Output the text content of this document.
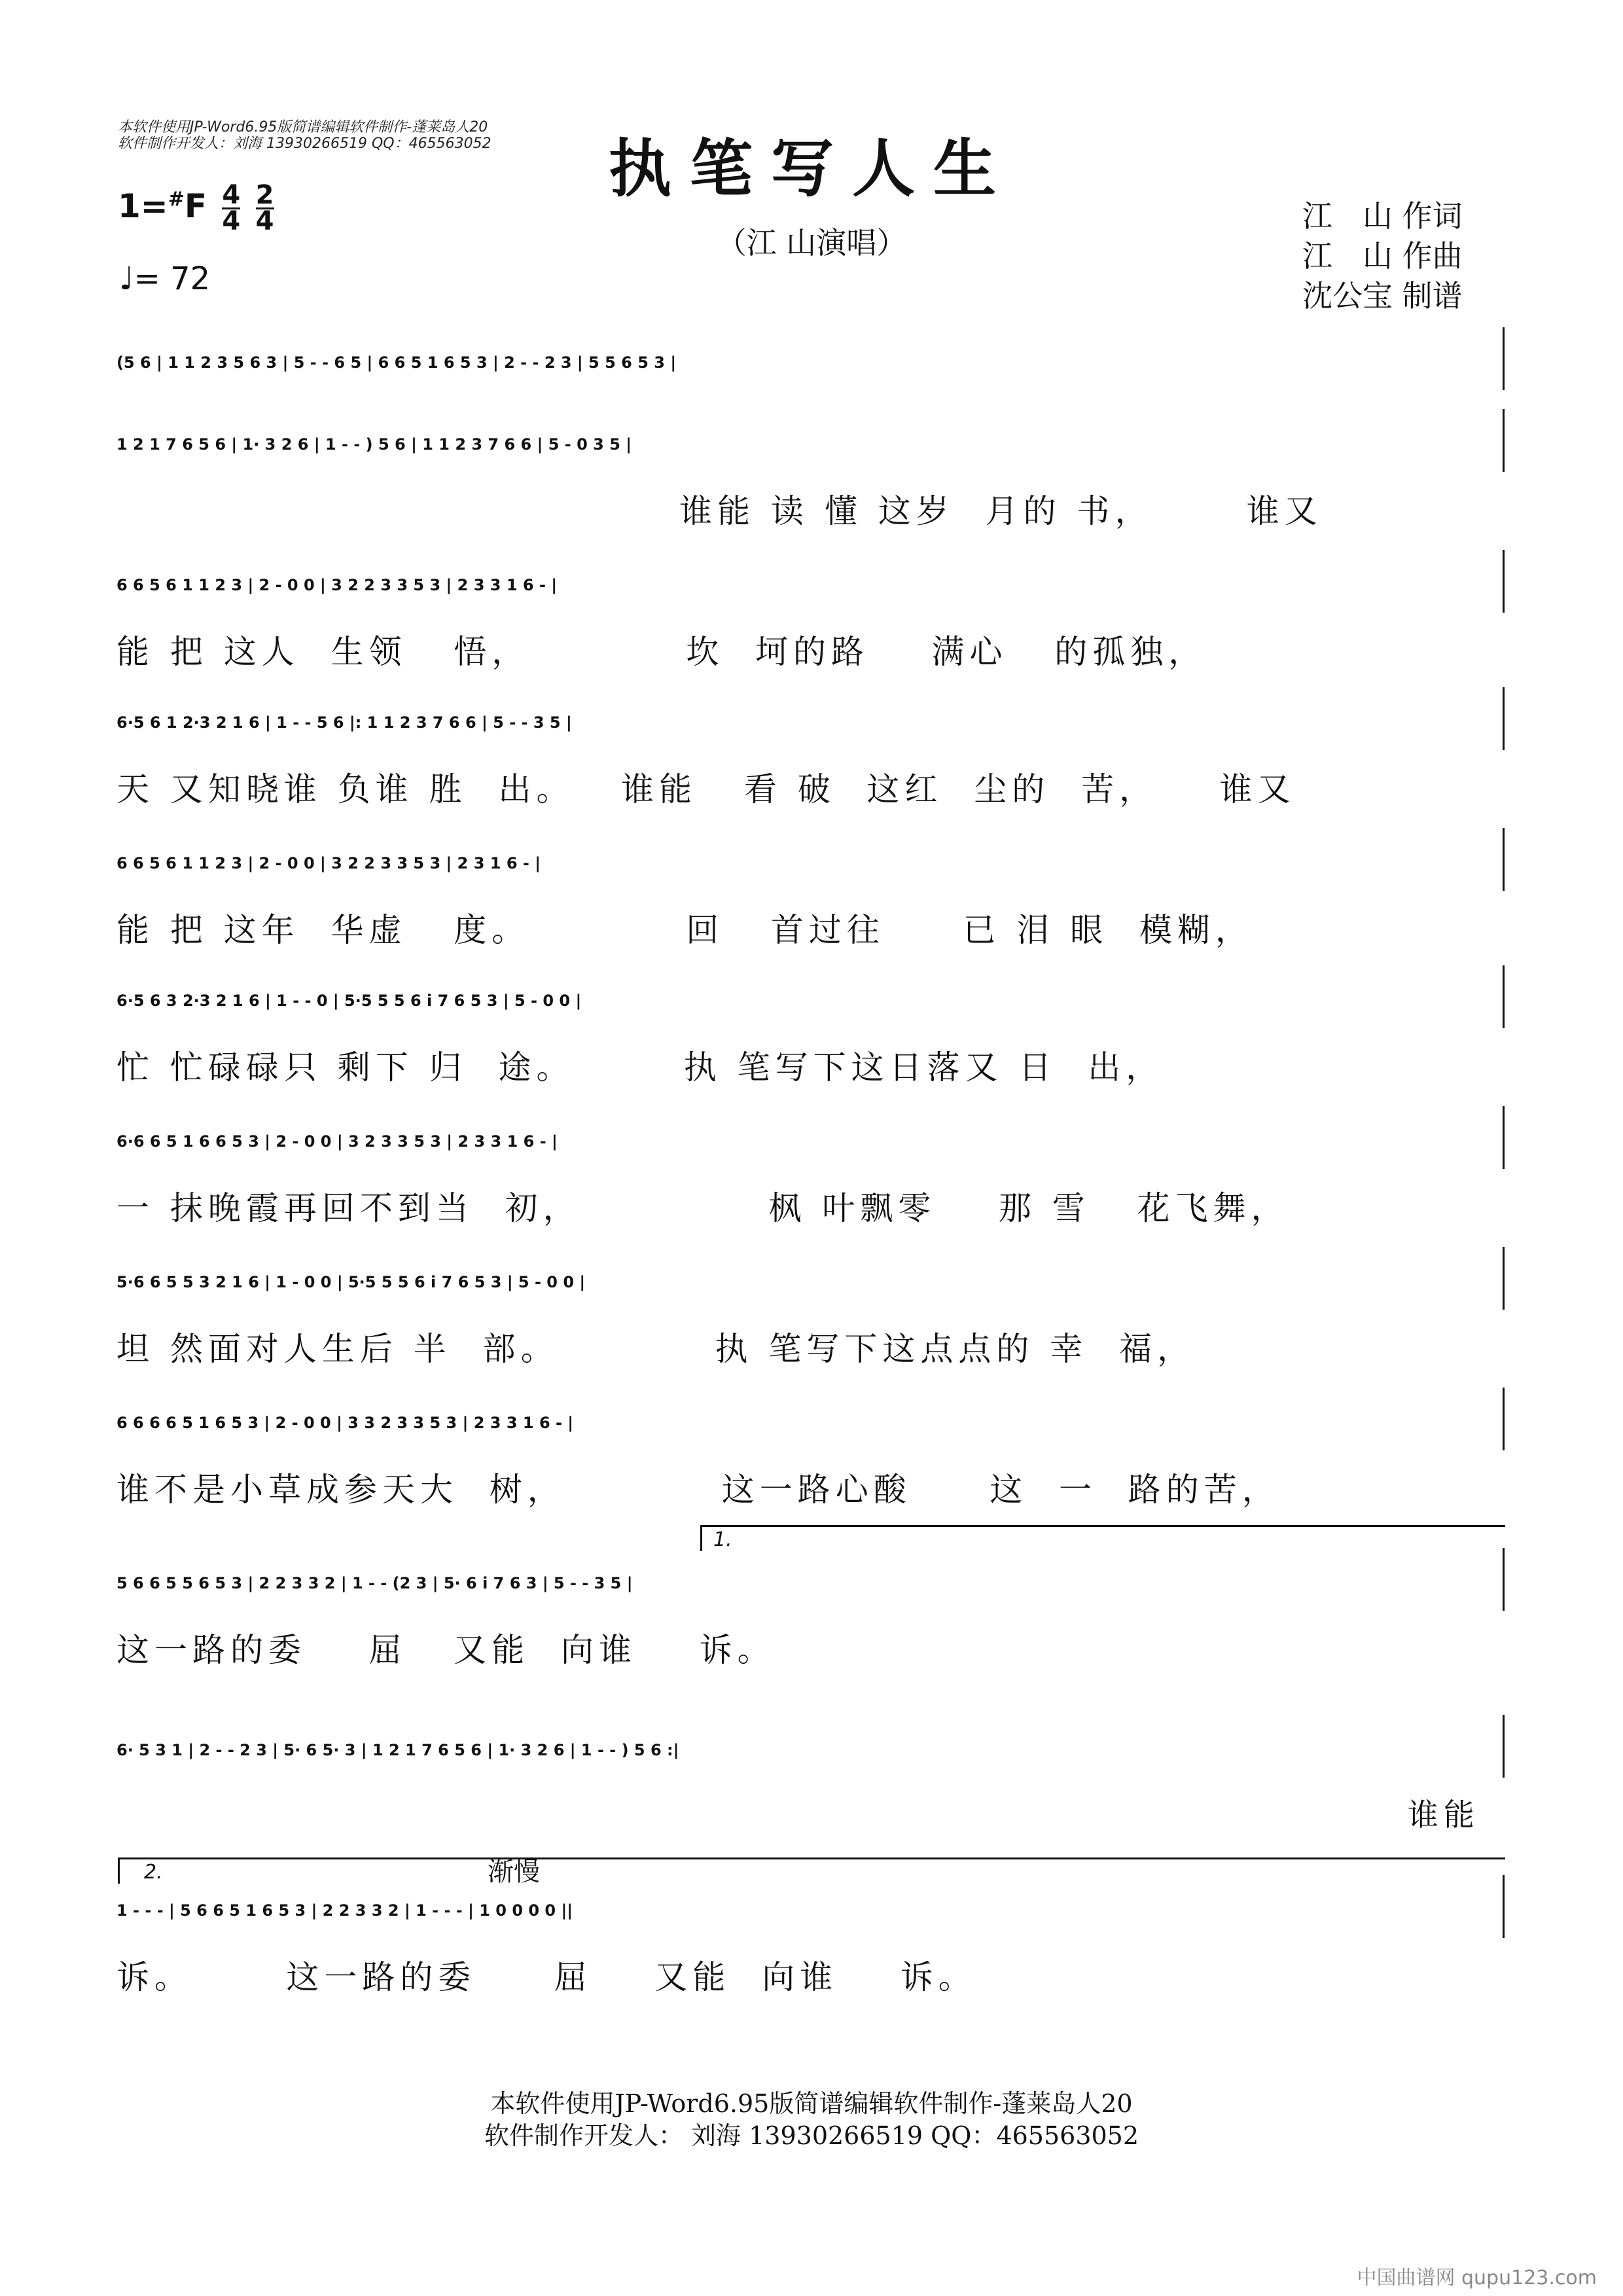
本软件使用JP-Word6.95版简谱编辑软件制作-蓬莱岛人20
软件制作开发人：刘海 13930266519 QQ：465563052	执笔写人生
（江 山演唱）
$1=^{\#}F \frac{4}{4}$
$\frac{2}{4}$
♩= 72
江　山 作词
江　山 作曲
沈公宝 制谱
(5 6 | 1 1 2 3 5 6 3 | 5 - - 6 5 | 6 6 5 1 6 5 3 | 2 - - 2 3 | 5 5 6 5 3 |
1 2 1 7 6 5 6 | 1· 3 2 6 | 1 - - ) 5 6 | 1 1 2 3 7 6 6 | 5 - 0 3 5 |
谁能 读 懂 这岁  月的 书，      谁又
6 6 5 6 1 1 2 3 | 2 - 0 0 | 3 2 2 3 3 5 3 | 2 3 3 1 6 - |
能 把 这人  生领   悟，          坎  坷的路    满心   的孤独，
6·5 6 1 2·3 2 1 6 | 1 - - 5 6 |: 1 1 2 3 7 6 6 | 5 - - 3 5 |
天 又知晓谁 负谁 胜  出。   谁能   看 破  这红  尘的  苦，    谁又
6 6 5 6 1 1 2 3 | 2 - 0 0 | 3 2 2 3 3 5 3 | 2 3 1 6 - |
能 把 这年  华虚   度。          回   首过往     已 泪 眼  模糊，
6·5 6 3 2·3 2 1 6 | 1 - - 0 | 5·5 5 5 6 i 7 6 5 3 | 5 - 0 0 |
忙 忙碌碌只 剩下 归  途。       执 笔写下这日落又 日  出，
6·6 6 5 1 6 6 5 3 | 2 - 0 0 | 3 2 3 3 5 3 | 2 3 3 1 6 - |
一 抹晚霞再回不到当  初，            枫 叶飘零    那 雪   花飞舞，
5·6 6 5 5 3 2 1 6 | 1 - 0 0 | 5·5 5 5 6 i 7 6 5 3 | 5 - 0 0 |
坦 然面对人生后 半  部。          执 笔写下这点点的 幸  福，
6 6 6 6 5 1 6 5 3 | 2 - 0 0 | 3 3 2 3 3 5 3 | 2 3 3 1 6 - |
谁不是小草成参天大  树，          这一路心酸     这  一  路的苦，
5 6 6 5 5 6 5 3 | 2 2 3 3 2 | 1 - - (2 3 | 5· 6 i 7 6 3 | 5 - - 3 5 |
这一路的委    屈   又能  向谁    诉。
6· 5 3 1 | 2 - - 2 3 | 5· 6 5· 3 | 1 2 1 7 6 5 6 | 1· 3 2 6 | 1 - - ) 5 6 :|
谁能
1 - - - | 5 6 6 5 1 6 5 3 | 2 2 3 3 2 | 1 - - - | 1 0 0 0 0 ||
诉。      这一路的委     屈    又能  向谁    诉。
1.
2.	渐慢
本软件使用JP-Word6.95版简谱编辑软件制作-蓬莱岛人20
软件制作开发人： 刘海 13930266519 QQ：465563052
中国曲谱网 qupu123.com
